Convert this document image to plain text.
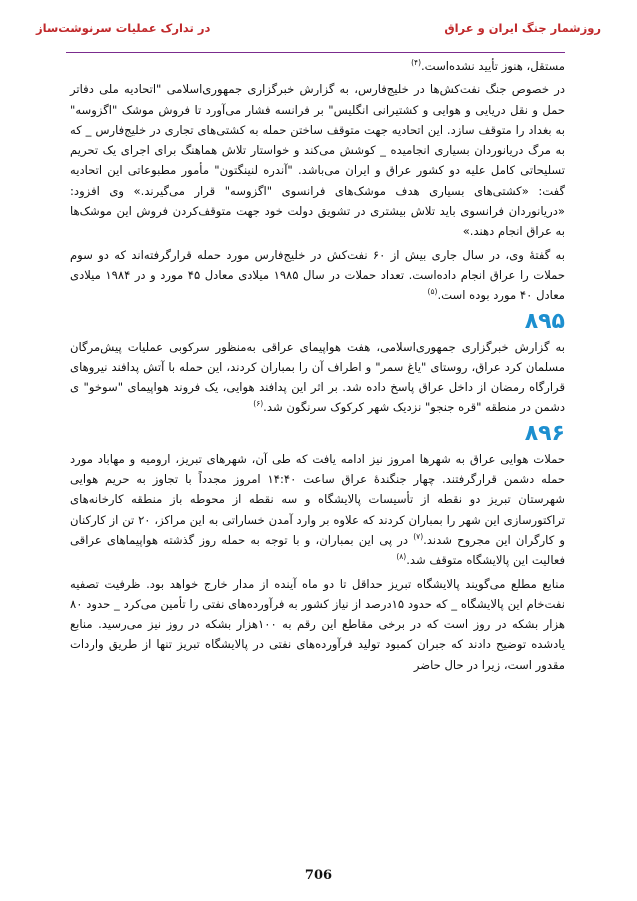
روزشمار جنگ ایران و عراق
در تدارک عملیات سرنوشت‌ساز

مستقل، هنوز تأیید نشده‌است.$^{(۴)}$

در خصوص جنگ نفت‌کش‌ها در خلیج‌فارس، به گزارش خبرگزاری جمهوری‌اسلامی "اتحادیه ملی دفاتر حمل و نقل دریایی و هوایی و کشتیرانی انگلیس" بر فرانسه فشار می‌آورد تا فروش موشک "اگزوسه" به بغداد را متوقف سازد. این اتحادیه جهت متوقف ساختن حمله به کشتی‌های تجاری در خلیج‌فارس _ که به مرگ دریانوردان بسیاری انجامیده _ کوشش می‌کند و خواستار تلاش هماهنگ برای اجرای یک تحریم تسلیحاتی کامل علیه دو کشور عراق و ایران می‌باشد. "آندره لنینگتون" مأمور مطبوعاتی این اتحادیه گفت: «کشتی‌های بسیاری هدف موشک‌های فرانسوی "اگزوسه" قرار می‌گیرند.» وی افزود: «دریانوردان فرانسوی باید تلاش بیشتری در تشویق دولت خود جهت متوقف‌کردن فروش این موشک‌ها به عراق انجام دهند.»

به گفتهٔ وی، در سال جاری بیش از ۶۰ نفت‌کش در خلیج‌فارس مورد حمله قرارگرفته‌اند که دو سوم حملات را عراق انجام داده‌است. تعداد حملات در سال ۱۹۸۵ میلادی معادل ۴۵ مورد و در ۱۹۸۴ میلادی معادل ۴۰ مورد بوده است.$^{(۵)}$

۸۹۵

به گزارش خبرگزاری جمهوری‌اسلامی، هفت هواپیمای عراقی به‌منظور سرکوبی عملیات پیش‌مرگان مسلمان کرد عراق، روستای "یاغ سمر" و اطراف آن را بمباران کردند، این حمله با آتش پدافند نیروهای قرارگاه رمضان از داخل عراق پاسخ داده شد. بر اثر این پدافند هوایی، یک فروند هواپیمای "سوخو" ی دشمن در منطقه "قره جنجو" نزدیک شهر کرکوک سرنگون شد.$^{(۶)}$

۸۹۶

حملات هوایی عراق به شهرها امروز نیز ادامه یافت که طی آن، شهرهای تبریز، ارومیه و مهاباد مورد حمله دشمن قرارگرفتند. چهار جنگندهٔ عراق ساعت ۱۴:۴۰ امروز مجدداً با تجاوز به حریم هوایی شهرستان تبریز دو نقطه از تأسیسات پالایشگاه و سه نقطه از محوطه باز منطقه کارخانه‌های تراکتورسازی این شهر را بمباران کردند که علاوه بر وارد آمدن خساراتی به این مراکز، ۲۰ تن از کارکنان و کارگران این مجروح شدند.$^{(۷)}$ در پی این بمباران، و با توجه به حمله روز گذشته هواپیماهای عراقی فعالیت این پالایشگاه متوقف شد.$^{(۸)}$

منابع مطلع می‌گویند پالایشگاه تبریز حداقل تا دو ماه آینده از مدار خارج خواهد بود. ظرفیت تصفیه نفت‌خام این پالایشگاه _ که حدود ۱۵درصد از نیاز کشور به فرآورده‌های نفتی را تأمین می‌کرد _ حدود ۸۰ هزار بشکه در روز است که در برخی مقاطع این رقم به ۱۰۰هزار بشکه در روز نیز می‌رسید. منابع یادشده توضیح دادند که جبران کمبود تولید فرآورده‌های نفتی در پالایشگاه تبریز تنها از طریق واردات مقدور است، زیرا در حال حاضر

706
